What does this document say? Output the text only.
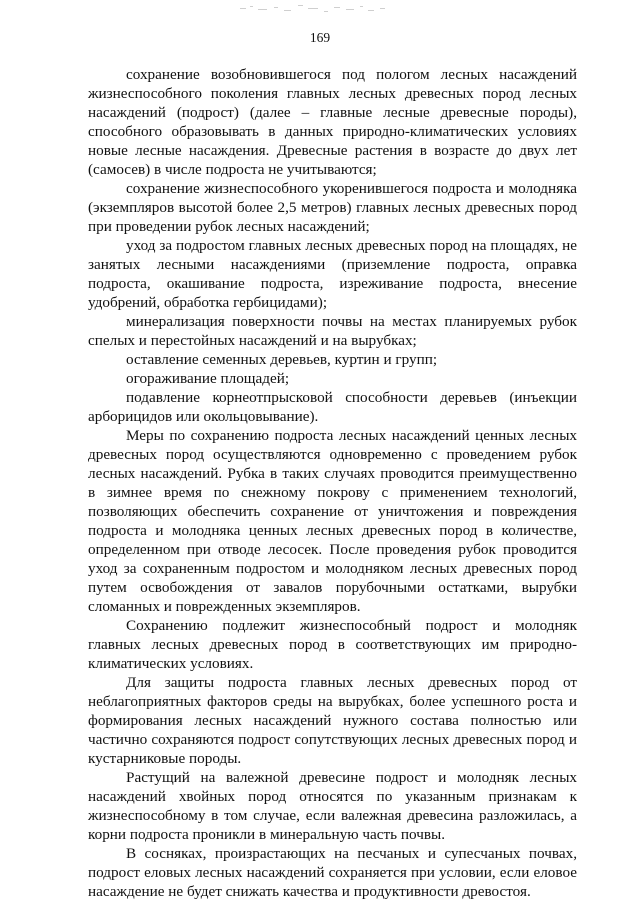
169

сохранение возобновившегося под пологом лесных насаждений жизнеспособного поколения главных лесных древесных пород лесных насаждений (подрост) (далее – главные лесные древесные породы), способного образовывать в данных природно-климатических условиях новые лесные насаждения. Древесные растения в возрасте до двух лет (самосев) в числе подроста не учитываются;

сохранение жизнеспособного укоренившегося подроста и молодняка (экземпляров высотой более 2,5 метров) главных лесных древесных пород при проведении рубок лесных насаждений;

уход за подростом главных лесных древесных пород на площадях, не занятых лесными насаждениями (приземление подроста, оправка подроста, окашивание подроста, изреживание подроста, внесение удобрений, обработка гербицидами);

минерализация поверхности почвы на местах планируемых рубок спелых и перестойных насаждений и на вырубках;

оставление семенных деревьев, куртин и групп;

огораживание площадей;

подавление корнеотпрысковой способности деревьев (инъекции арборицидов или окольцовывание).

Меры по сохранению подроста лесных насаждений ценных лесных древесных пород осуществляются одновременно с проведением рубок лесных насаждений. Рубка в таких случаях проводится преимущественно в зимнее время по снежному покрову с применением технологий, позволяющих обеспечить сохранение от уничтожения и повреждения подроста и молодняка ценных лесных древесных пород в количестве, определенном при отводе лесосек. После проведения рубок проводится уход за сохраненным подростом и молодняком лесных древесных пород путем освобождения от завалов порубочными остатками, вырубки сломанных и поврежденных экземпляров.

Сохранению подлежит жизнеспособный подрост и молодняк главных лесных древесных пород в соответствующих им природно-климатических условиях.

Для защиты подроста главных лесных древесных пород от неблагоприятных факторов среды на вырубках, более успешного роста и формирования лесных насаждений нужного состава полностью или частично сохраняются подрост сопутствующих лесных древесных пород и кустарниковые породы.

Растущий на валежной древесине подрост и молодняк лесных насаждений хвойных пород относятся по указанным признакам к жизнеспособному в том случае, если валежная древесина разложилась, а корни подроста проникли в минеральную часть почвы.

В сосняках, произрастающих на песчаных и супесчаных почвах, подрост еловых лесных насаждений сохраняется при условии, если еловое насаждение не будет снижать качества и продуктивности древостоя.
